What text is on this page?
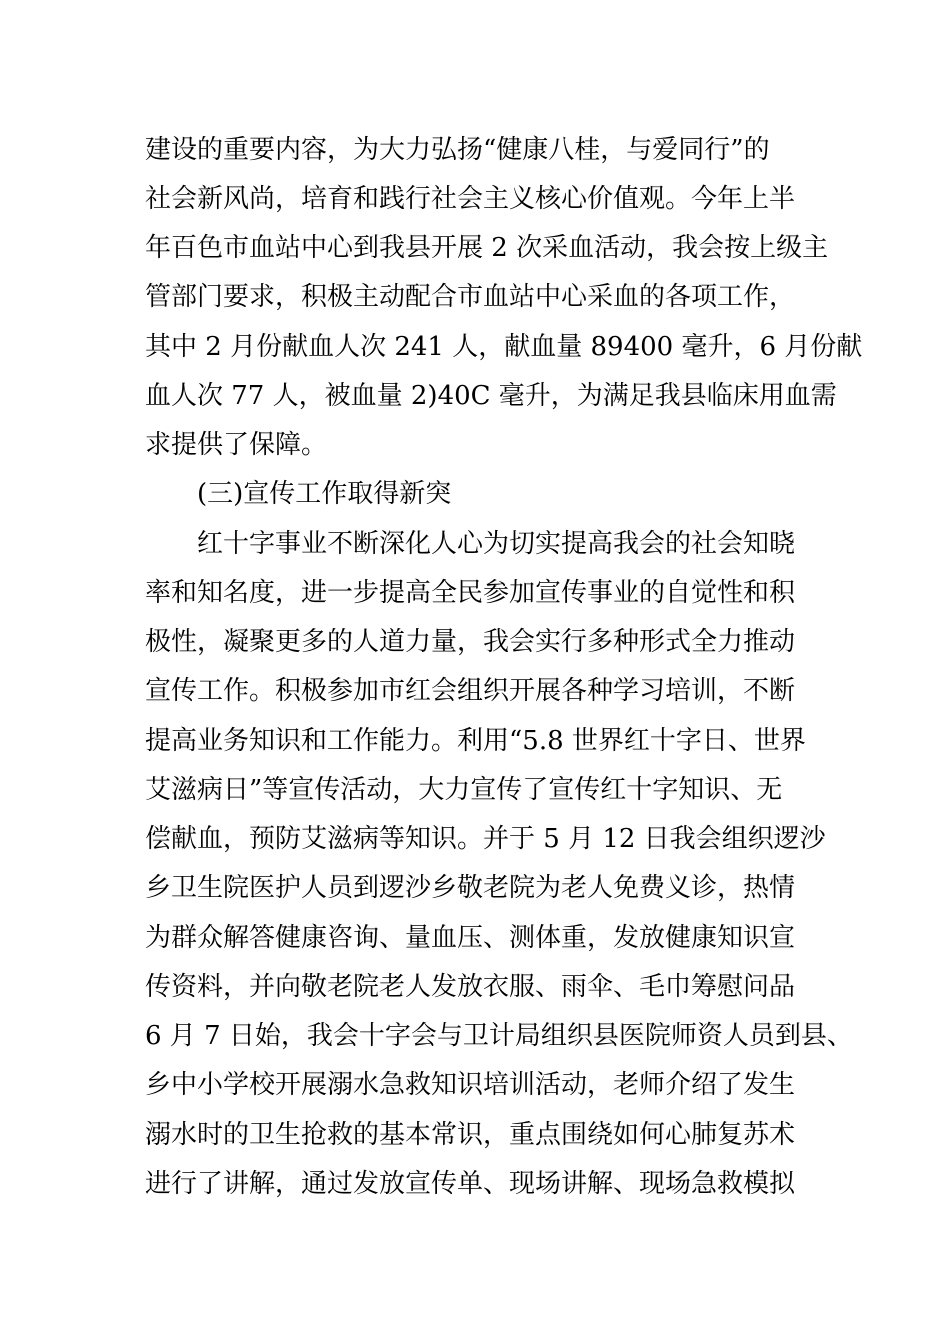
建设的重要内容，为大力弘扬“健康八桂，与爱同行”的
社会新风尚，培育和践行社会主义核心价值观。今年上半
年百色市血站中心到我县开展 2 次采血活动，我会按上级主
管部门要求，积极主动配合市血站中心采血的各项工作，
其中 2 月份献血人次 241 人，献血量 89400 毫升，6 月份献
血人次 77 人，被血量 2)40C 毫升，为满足我县临床用血需
求提供了保障。
(三)宣传工作取得新突
红十字事业不断深化人心为切实提高我会的社会知晓
率和知名度，进一步提高全民参加宣传事业的自觉性和积
极性，凝聚更多的人道力量，我会实行多种形式全力推动
宣传工作。积极参加市红会组织开展各种学习培训，不断
提高业务知识和工作能力。利用“5.8 世界红十字日、世界
艾滋病日”等宣传活动，大力宣传了宣传红十字知识、无
偿献血，预防艾滋病等知识。并于 5 月 12 日我会组织逻沙
乡卫生院医护人员到逻沙乡敬老院为老人免费义诊，热情
为群众解答健康咨询、量血压、测体重，发放健康知识宣
传资料，并向敬老院老人发放衣服、雨伞、毛巾筹慰问品
6 月 7 日始，我会十字会与卫计局组织县医院师资人员到县、
乡中小学校开展溺水急救知识培训活动，老师介绍了发生
溺水时的卫生抢救的基本常识，重点围绕如何心肺复苏术
进行了讲解，通过发放宣传单、现场讲解、现场急救模拟
